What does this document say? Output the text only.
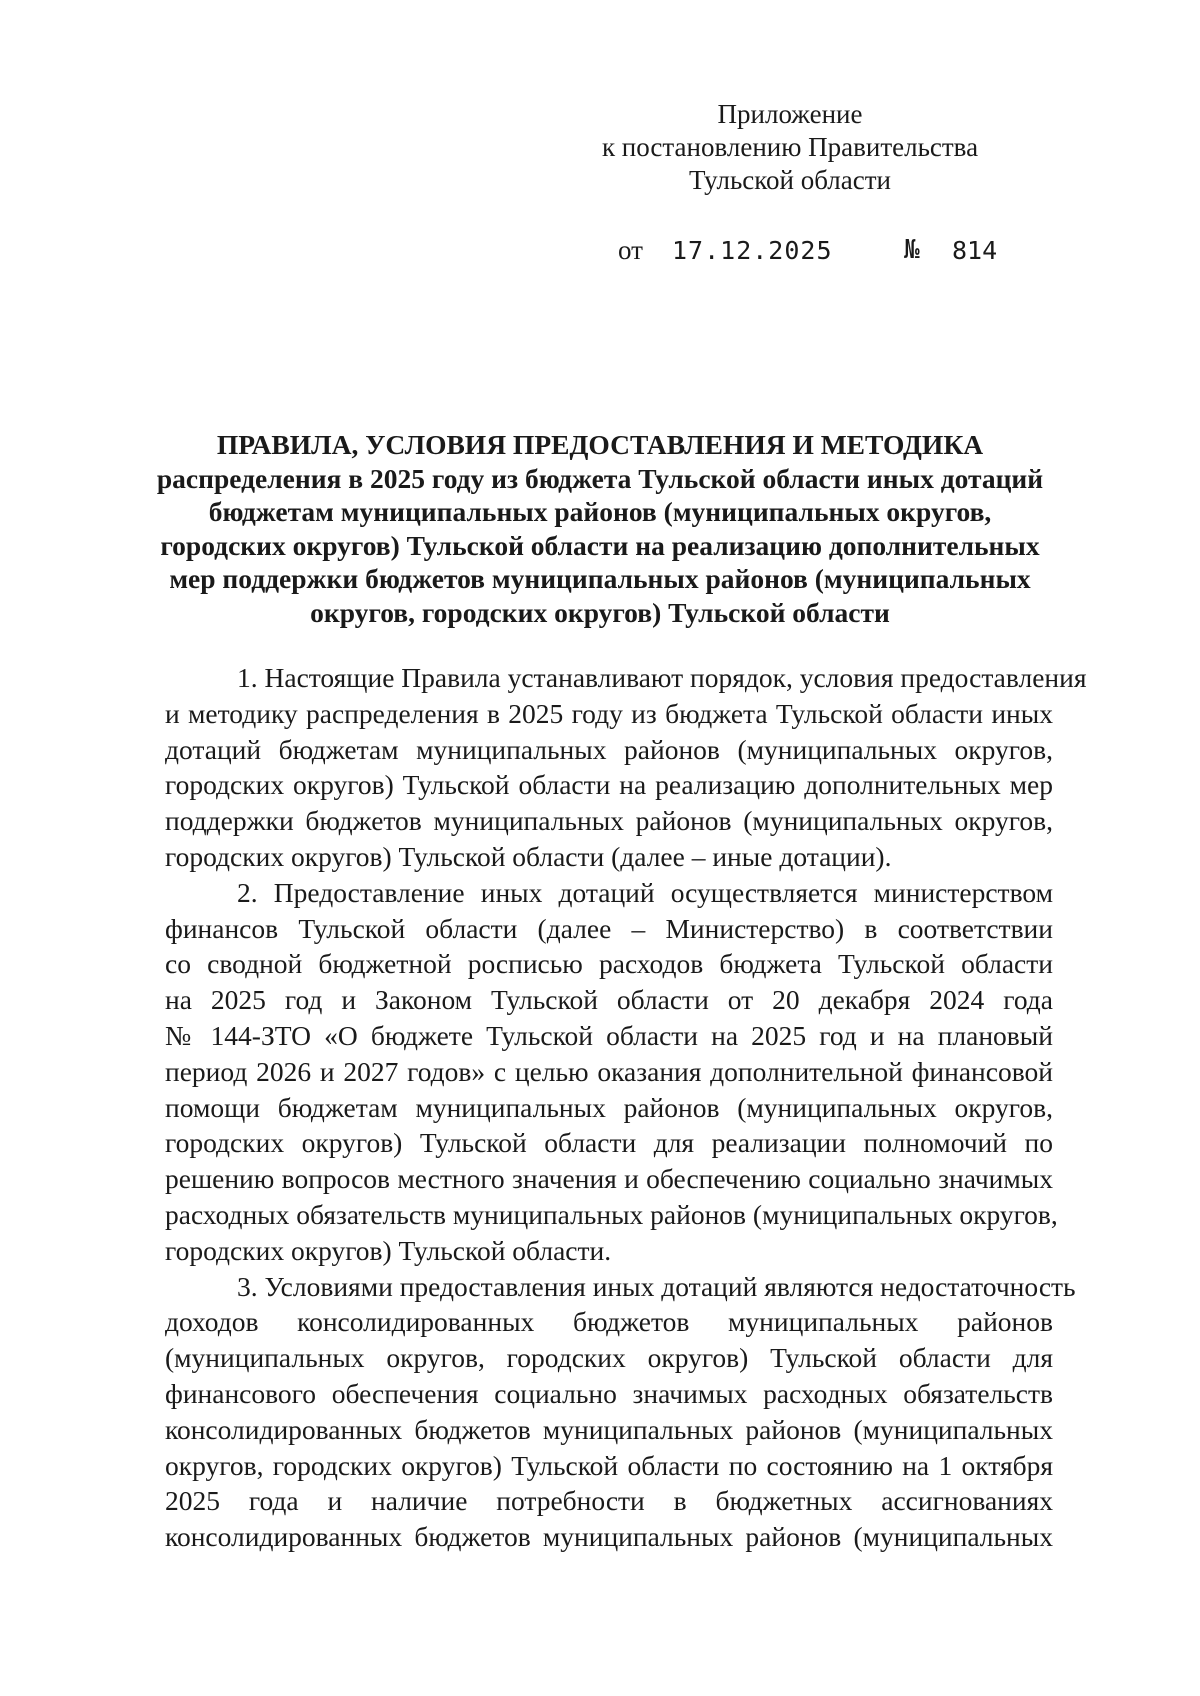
Приложение
к постановлению Правительства
Тульской области
от 17.12.2025	№ 814
ПРАВИЛА, УСЛОВИЯ ПРЕДОСТАВЛЕНИЯ И МЕТОДИКА
распределения в 2025 году из бюджета Тульской области иных дотаций
бюджетам муниципальных районов (муниципальных округов,
городских округов) Тульской области на реализацию дополнительных
мер поддержки бюджетов муниципальных районов (муниципальных
округов, городских округов) Тульской области
1. Настоящие Правила устанавливают порядок, условия предоставления
и методику распределения в 2025 году из бюджета Тульской области иных
дотаций бюджетам муниципальных районов (муниципальных округов,
городских округов) Тульской области на реализацию дополнительных мер
поддержки бюджетов муниципальных районов (муниципальных округов,
городских округов) Тульской области (далее – иные дотации).
2. Предоставление иных дотаций осуществляется министерством
финансов Тульской области (далее – Министерство) в соответствии
со сводной бюджетной росписью расходов бюджета Тульской области
на 2025 год и Законом Тульской области от 20 декабря 2024 года
№ 144-ЗТО «О бюджете Тульской области на 2025 год и на плановый
период 2026 и 2027 годов» с целью оказания дополнительной финансовой
помощи бюджетам муниципальных районов (муниципальных округов,
городских округов) Тульской области для реализации полномочий по
решению вопросов местного значения и обеспечению социально значимых
расходных обязательств муниципальных районов (муниципальных округов,
городских округов) Тульской области.
3. Условиями предоставления иных дотаций являются недостаточность
доходов консолидированных бюджетов муниципальных районов
(муниципальных округов, городских округов) Тульской области для
финансового обеспечения социально значимых расходных обязательств
консолидированных бюджетов муниципальных районов (муниципальных
округов, городских округов) Тульской области по состоянию на 1 октября
2025 года и наличие потребности в бюджетных ассигнованиях
консолидированных бюджетов муниципальных районов (муниципальных
